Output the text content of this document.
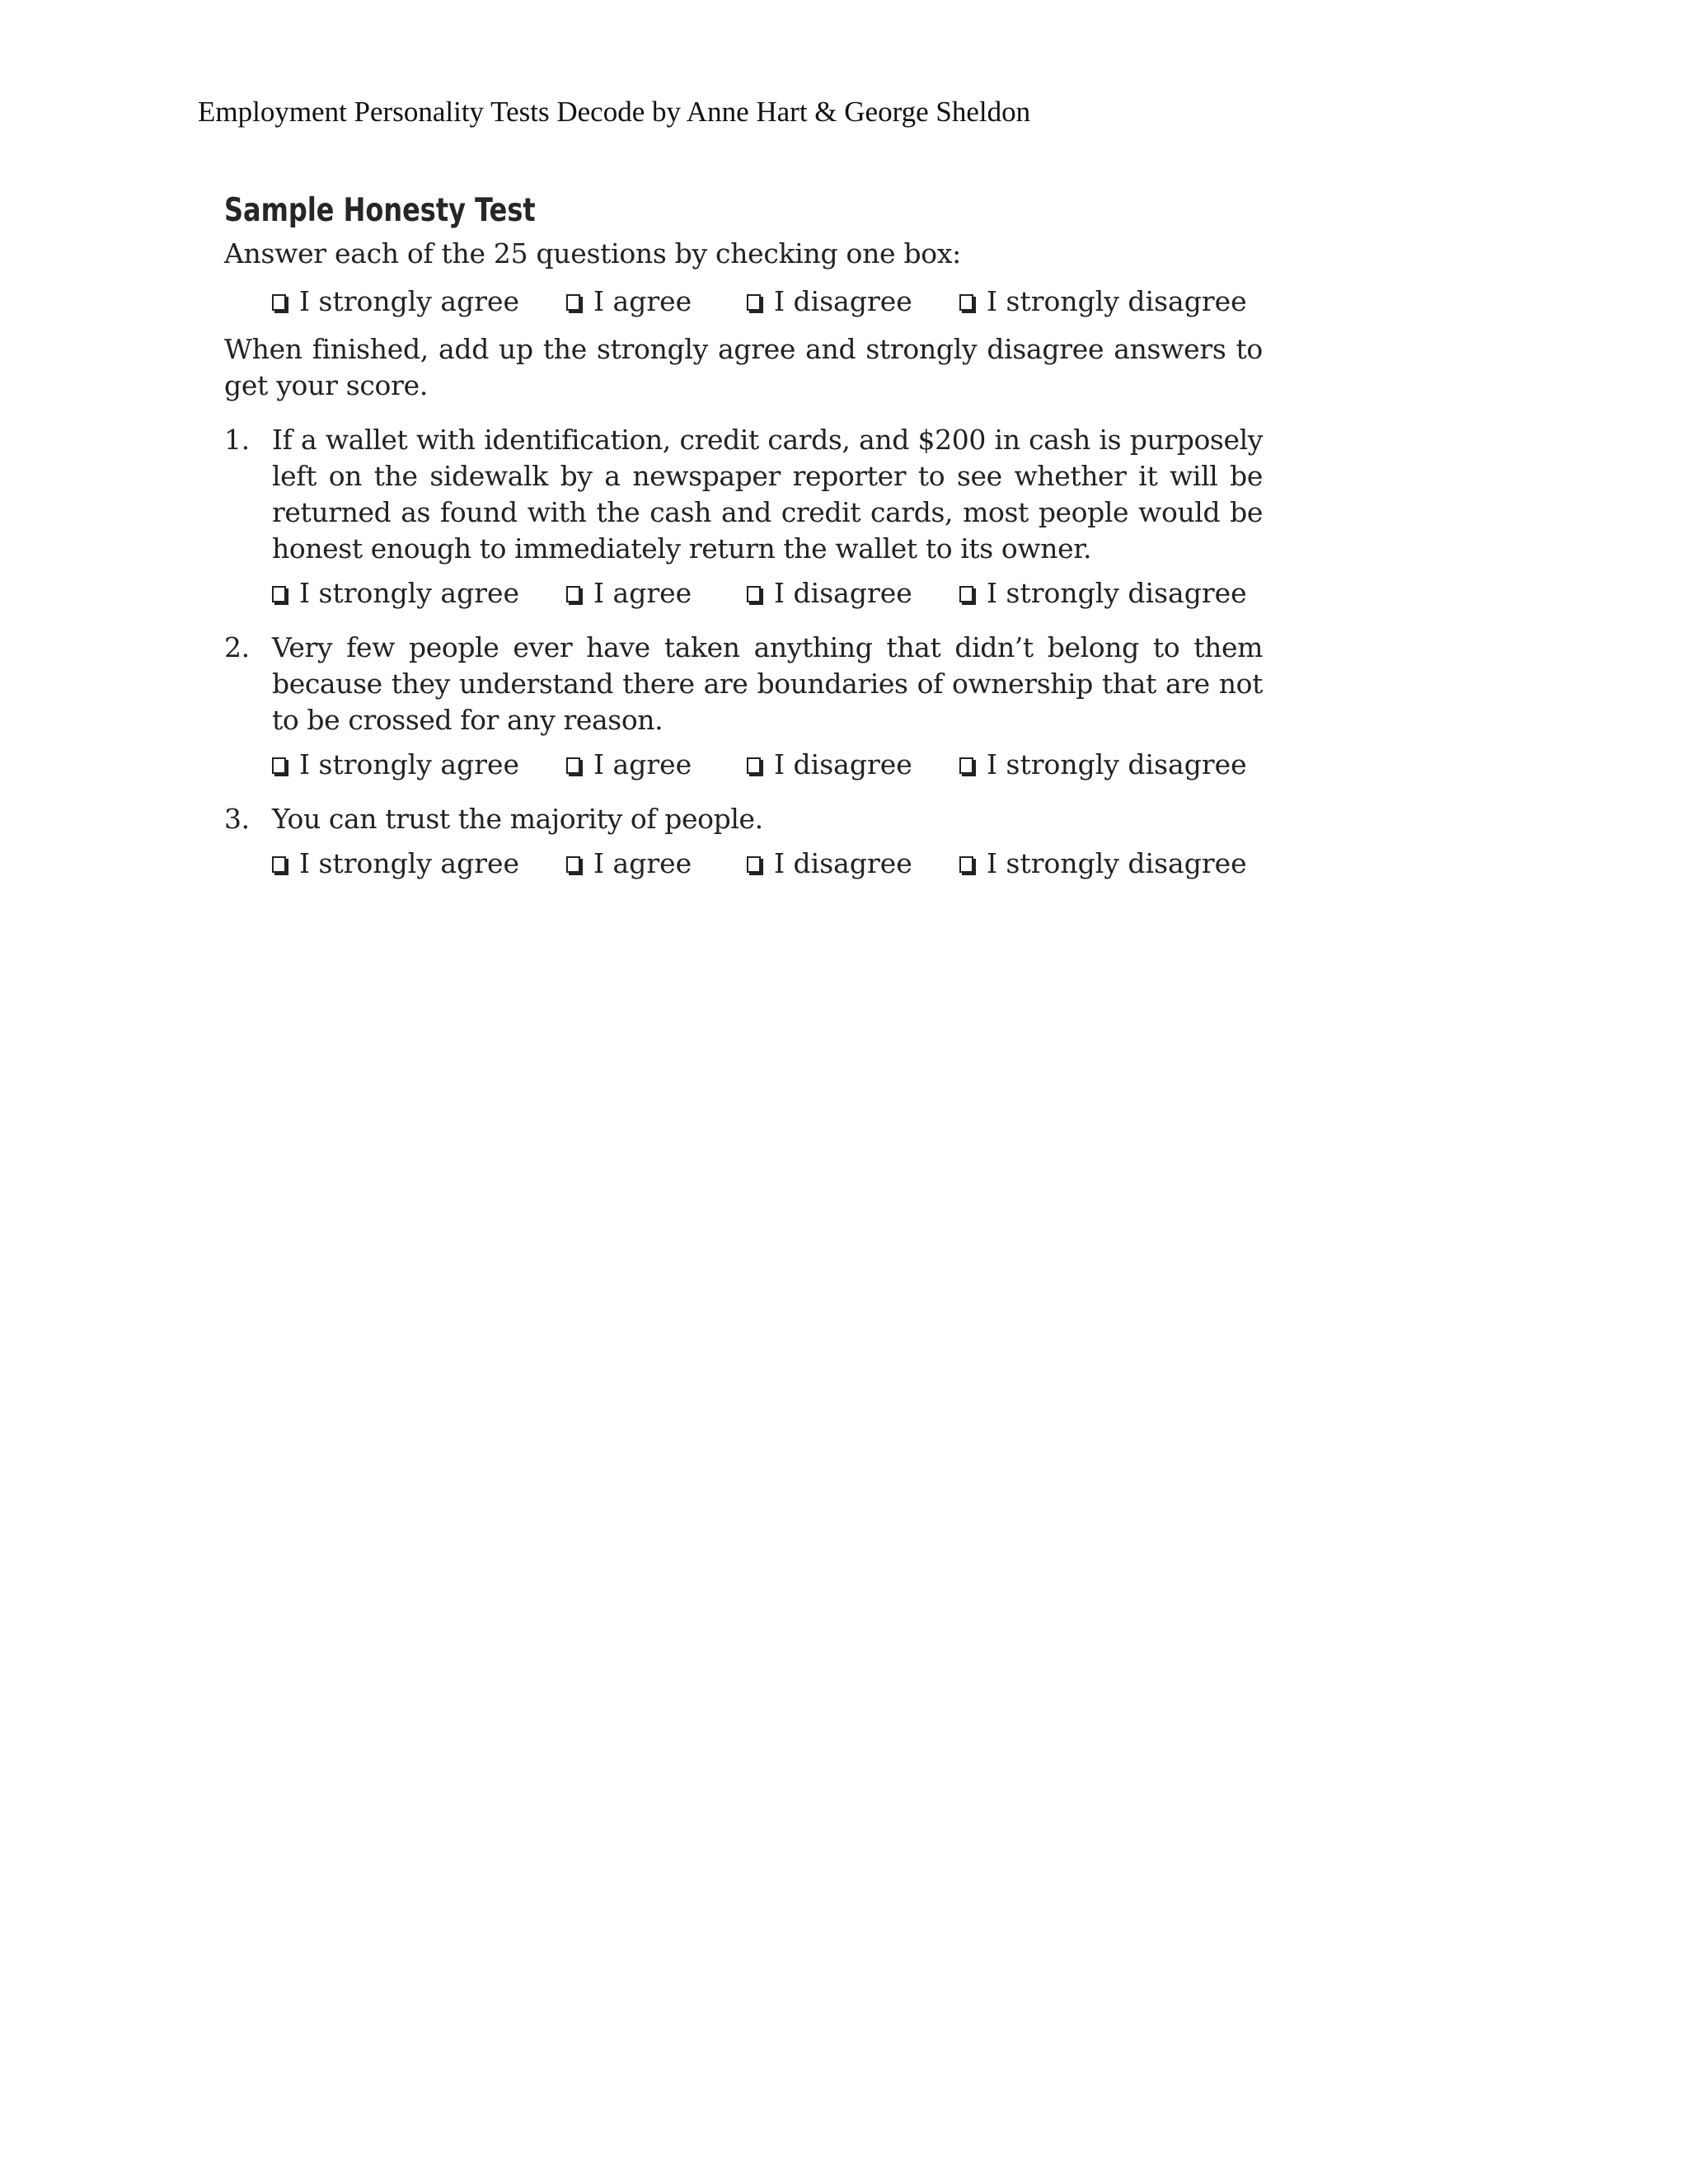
Employment Personality Tests Decode by Anne Hart & George Sheldon
Sample Honesty Test

Answer each of the 25 questions by checking one box:

I strongly agree	I agree	I disagree	I strongly disagree

When finished, add up the strongly agree and strongly disagree answers to get your score.

1. If a wallet with identification, credit cards, and $200 in cash is purposely left on the sidewalk by a newspaper reporter to see whether it will be returned as found with the cash and credit cards, most people would be honest enough to immediately return the wallet to its owner.
I strongly agree	I agree	I disagree	I strongly disagree
2. Very few people ever have taken anything that didn’t belong to them because they understand there are boundaries of ownership that are not to be crossed for any reason.
I strongly agree	I agree	I disagree	I strongly disagree
3. You can trust the majority of people.
I strongly agree	I agree	I disagree	I strongly disagree
